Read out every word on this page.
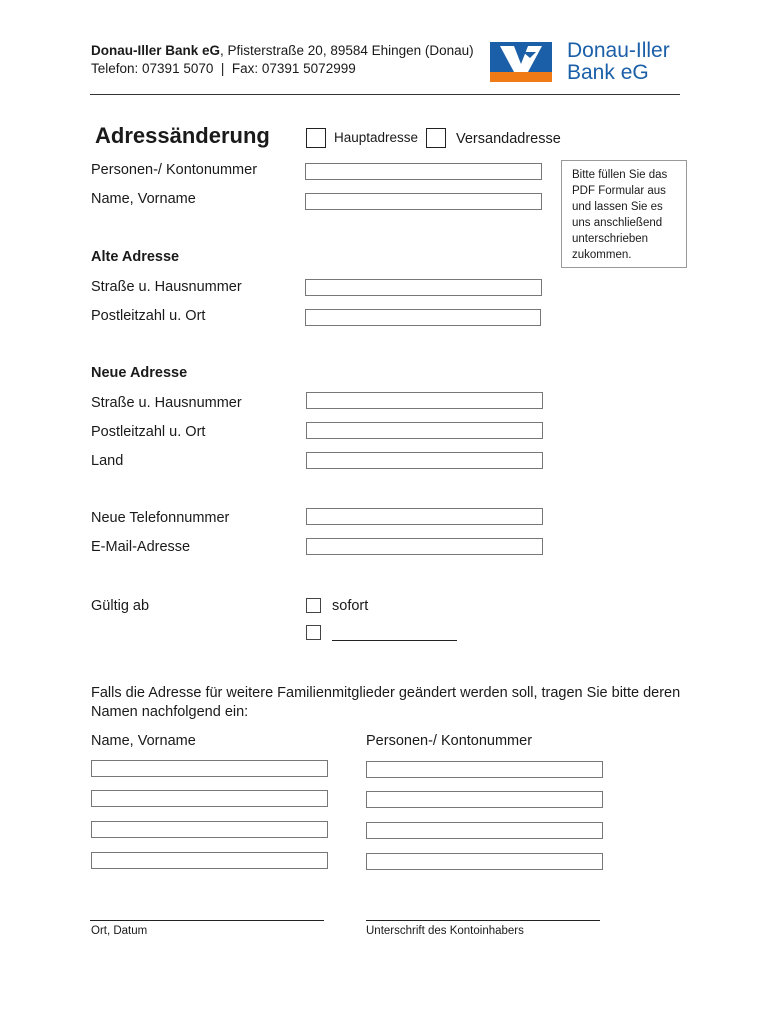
Donau-Iller Bank eG, Pfisterstraße 20, 89584 Ehingen (Donau)
Telefon: 07391 5070  |  Fax: 07391 5072999
Donau-Iller
Bank eG
Adressänderung	Hauptadresse	Versandadresse
Personen-/ Kontonummer
Name, Vorname
Bitte füllen Sie das PDF Formular aus und lassen Sie es uns anschließend unterschrieben zukommen.
Alte Adresse
Straße u. Hausnummer
Postleitzahl u. Ort
Neue Adresse
Straße u. Hausnummer
Postleitzahl u. Ort
Land
Neue Telefonnummer
E-Mail-Adresse
Gültig ab	sofort
Falls die Adresse für weitere Familienmitglieder geändert werden soll, tragen Sie bitte deren Namen nachfolgend ein:
Name, Vorname	Personen-/ Kontonummer
Ort, Datum	Unterschrift des Kontoinhabers
